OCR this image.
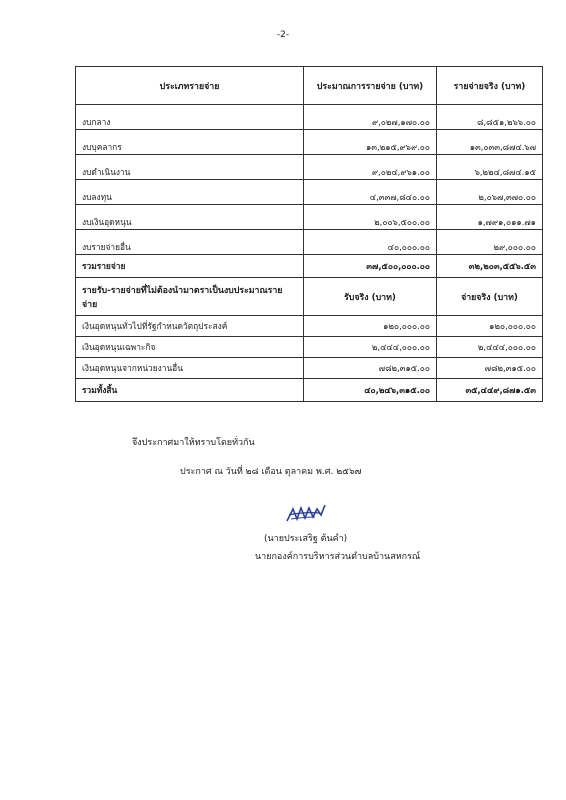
-2-
ประเภทรายจ่าย	ประมาณการรายจ่าย (บาท)	รายจ่ายจริง (บาท)
งบกลาง	๙,๐๒๗,๑๗๐.๐๐	๘,๘๕๑,๒๖๖.๐๐
งบบุคลากร	๑๓,๒๑๕,๙๖๙.๐๐	๑๓,๐๓๓,๘๗๔.๖๗
งบดำเนินงาน	๙,๐๒๔,๙๖๑.๐๐	๖,๒๒๔,๘๗๔.๑๕
งบลงทุน	๔,๓๓๗,๘๔๐.๐๐	๒,๐๖๗,๓๗๐.๐๐
งบเงินอุดหนุน	๒,๐๐๖,๕๐๐.๐๐	๑,๗๙๑,๐๑๑.๗๑
งบรายจ่ายอื่น	๔๐,๐๐๐.๐๐	๒๙,๐๐๐.๐๐
รวมรายจ่าย	๓๗,๕๐๐,๐๐๐.๐๐	๓๒,๒๐๓,๕๕๖.๕๓
รายรับ-รายจ่ายที่ไม่ต้องนำมาตราเป็นงบประมาณรายจ่าย	รับจริง (บาท)	จ่ายจริง (บาท)
เงินอุดหนุนทั่วไปที่รัฐกำหนดวัตถุประสงค์	๑๒๐,๐๐๐.๐๐	๑๒๐,๐๐๐.๐๐
เงินอุดหนุนเฉพาะกิจ	๒,๔๔๔,๐๐๐.๐๐	๒,๔๔๔,๐๐๐.๐๐
เงินอุดหนุนจากหน่วยงานอื่น	๗๘๒,๓๑๕.๐๐	๗๘๒,๓๑๕.๐๐
รวมทั้งสิ้น	๔๐,๒๔๖,๓๑๕.๐๐	๓๕,๔๔๙,๘๗๑.๕๓
จึงประกาศมาให้ทราบโดยทั่วกัน
ประกาศ ณ วันที่ ๒๘ เดือน ตุลาคม พ.ศ. ๒๕๖๗
(นายประเสริฐ ต้นคำ)
นายกองค์การบริหารส่วนตำบลบ้านสหกรณ์
